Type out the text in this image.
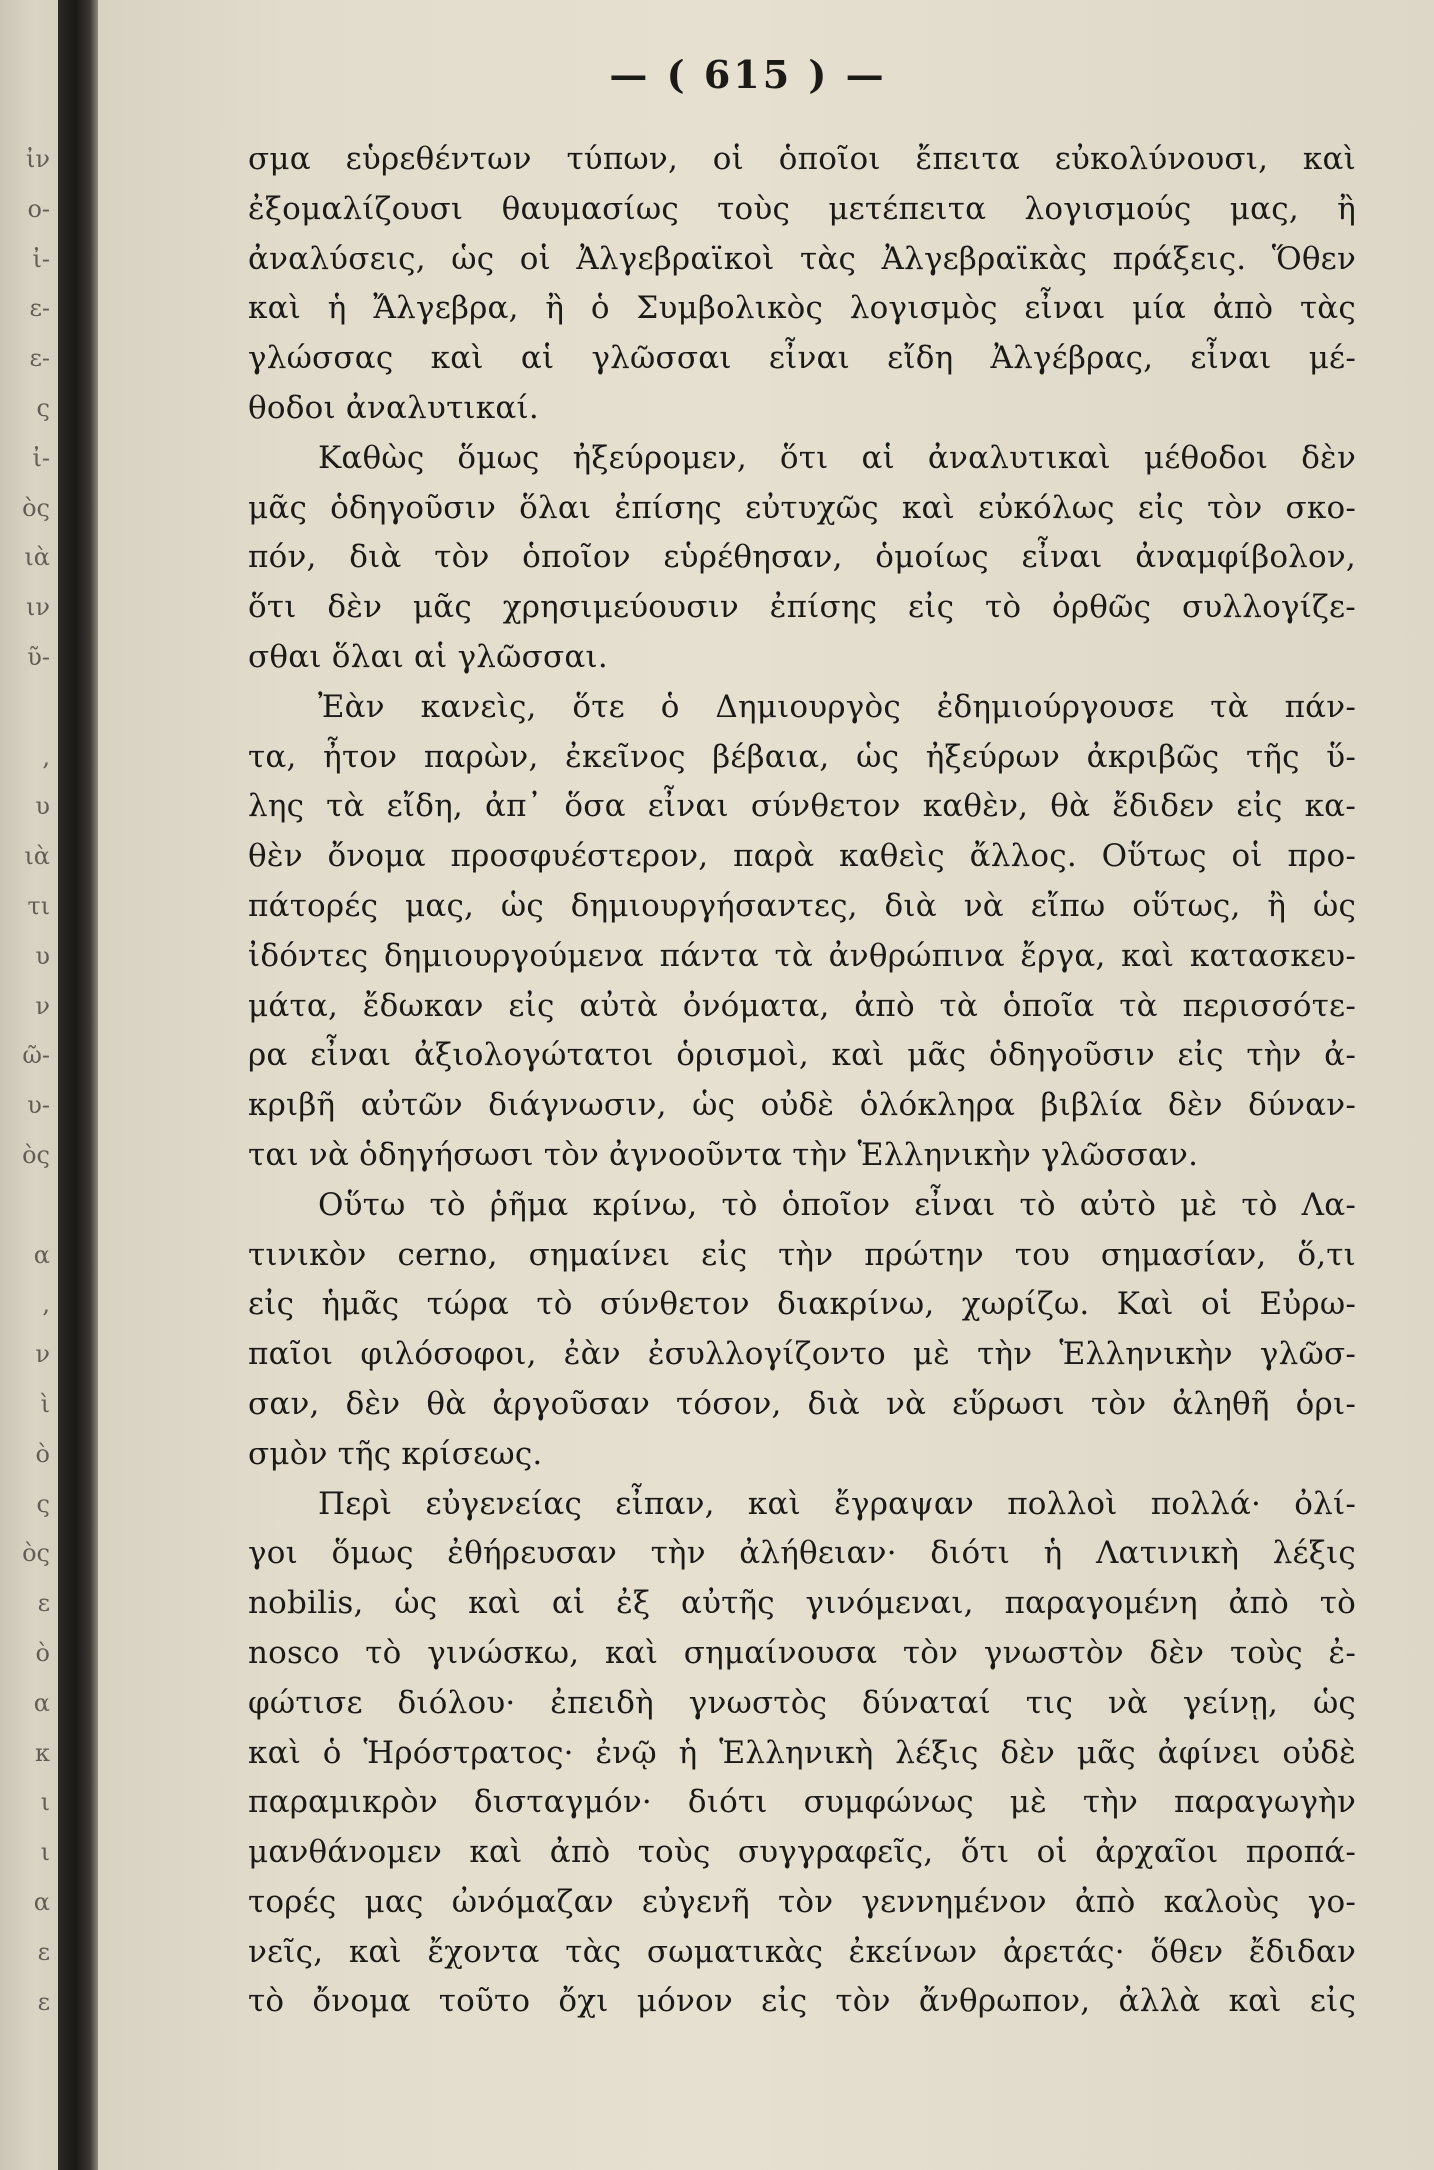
ἰν
ο-
ἰ-
ε-
ε-
ς
ἰ-
ὸς
ιὰ
ιν
ῦ-
,
υ
ιὰ
τι
υ
ν
ῶ-
υ-
ὸς
α
,
ν
ὶ
ὸ
ς
ὸς
ε
ὸ
α
κ
ι
ι
α
ε
ε
— ( 615 ) —
σμα εὑρεθέντων τύπων, οἱ ὁποῖοι ἔπειτα εὐκολύνουσι, καὶ
ἐξομαλίζουσι θαυμασίως τοὺς μετέπειτα λογισμούς μας, ἢ
ἀναλύσεις, ὡς οἱ Ἀλγεβραϊκοὶ τὰς Ἀλγεβραϊκὰς πράξεις. Ὅθεν
καὶ ἡ Ἄλγεβρα, ἢ ὁ Συμβολικὸς λογισμὸς εἶναι μία ἀπὸ τὰς
γλώσσας καὶ αἱ γλῶσσαι εἶναι εἴδη Ἀλγέβρας, εἶναι μέ-
θοδοι ἀναλυτικαί.
Καθὼς ὅμως ἠξεύρομεν, ὅτι αἱ ἀναλυτικαὶ μέθοδοι δὲν
μᾶς ὁδηγοῦσιν ὅλαι ἐπίσης εὐτυχῶς καὶ εὐκόλως εἰς τὸν σκο-
πόν, διὰ τὸν ὁποῖον εὑρέθησαν, ὁμοίως εἶναι ἀναμφίβολον,
ὅτι δὲν μᾶς χρησιμεύουσιν ἐπίσης εἰς τὸ ὀρθῶς συλλογίζε-
σθαι ὅλαι αἱ γλῶσσαι.
Ἐὰν κανεὶς, ὅτε ὁ Δημιουργὸς ἐδημιούργουσε τὰ πάν-
τα, ἦτον παρὼν, ἐκεῖνος βέβαια, ὡς ἠξεύρων ἀκριβῶς τῆς ὕ-
λης τὰ εἴδη, ἀπ᾽ ὅσα εἶναι σύνθετον καθὲν, θὰ ἔδιδεν εἰς κα-
θὲν ὄνομα προσφυέστερον, παρὰ καθεὶς ἄλλος. Οὕτως οἱ προ-
πάτορές μας, ὡς δημιουργήσαντες, διὰ νὰ εἴπω οὕτως, ἢ ὡς
ἰδόντες δημιουργούμενα πάντα τὰ ἀνθρώπινα ἔργα, καὶ κατασκευ-
μάτα, ἔδωκαν εἰς αὐτὰ ὀνόματα, ἀπὸ τὰ ὁποῖα τὰ περισσότε-
ρα εἶναι ἀξιολογώτατοι ὁρισμοὶ, καὶ μᾶς ὁδηγοῦσιν εἰς τὴν ἀ-
κριβῆ αὐτῶν διάγνωσιν, ὡς οὐδὲ ὁλόκληρα βιβλία δὲν δύναν-
ται νὰ ὁδηγήσωσι τὸν ἀγνοοῦντα τὴν Ἑλληνικὴν γλῶσσαν.
Οὕτω τὸ ῥῆμα κρίνω, τὸ ὁποῖον εἶναι τὸ αὐτὸ μὲ τὸ Λα-
τινικὸν cerno, σημαίνει εἰς τὴν πρώτην του σημασίαν, ὅ,τι
εἰς ἡμᾶς τώρα τὸ σύνθετον διακρίνω, χωρίζω. Καὶ οἱ Εὐρω-
παῖοι φιλόσοφοι, ἐὰν ἐσυλλογίζοντο μὲ τὴν Ἑλληνικὴν γλῶσ-
σαν, δὲν θὰ ἀργοῦσαν τόσον, διὰ νὰ εὕρωσι τὸν ἀληθῆ ὁρι-
σμὸν τῆς κρίσεως.
Περὶ εὐγενείας εἶπαν, καὶ ἔγραψαν πολλοὶ πολλά· ὀλί-
γοι ὅμως ἐθήρευσαν τὴν ἀλήθειαν· διότι ἡ Λατινικὴ λέξις
nobilis, ὡς καὶ αἱ ἐξ αὐτῆς γινόμεναι, παραγομένη ἀπὸ τὸ
nosco τὸ γινώσκω, καὶ σημαίνουσα τὸν γνωστὸν δὲν τοὺς ἐ-
φώτισε διόλου· ἐπειδὴ γνωστὸς δύναταί τις νὰ γείνῃ, ὡς
καὶ ὁ Ἡρόστρατος· ἐνῷ ἡ Ἑλληνικὴ λέξις δὲν μᾶς ἀφίνει οὐδὲ
παραμικρὸν δισταγμόν· διότι συμφώνως μὲ τὴν παραγωγὴν
μανθάνομεν καὶ ἀπὸ τοὺς συγγραφεῖς, ὅτι οἱ ἀρχαῖοι προπά-
τορές μας ὠνόμαζαν εὐγενῆ τὸν γεννημένον ἀπὸ καλοὺς γο-
νεῖς, καὶ ἔχοντα τὰς σωματικὰς ἐκείνων ἀρετάς· ὅθεν ἔδιδαν
τὸ ὄνομα τοῦτο ὄχι μόνον εἰς τὸν ἄνθρωπον, ἀλλὰ καὶ εἰς
